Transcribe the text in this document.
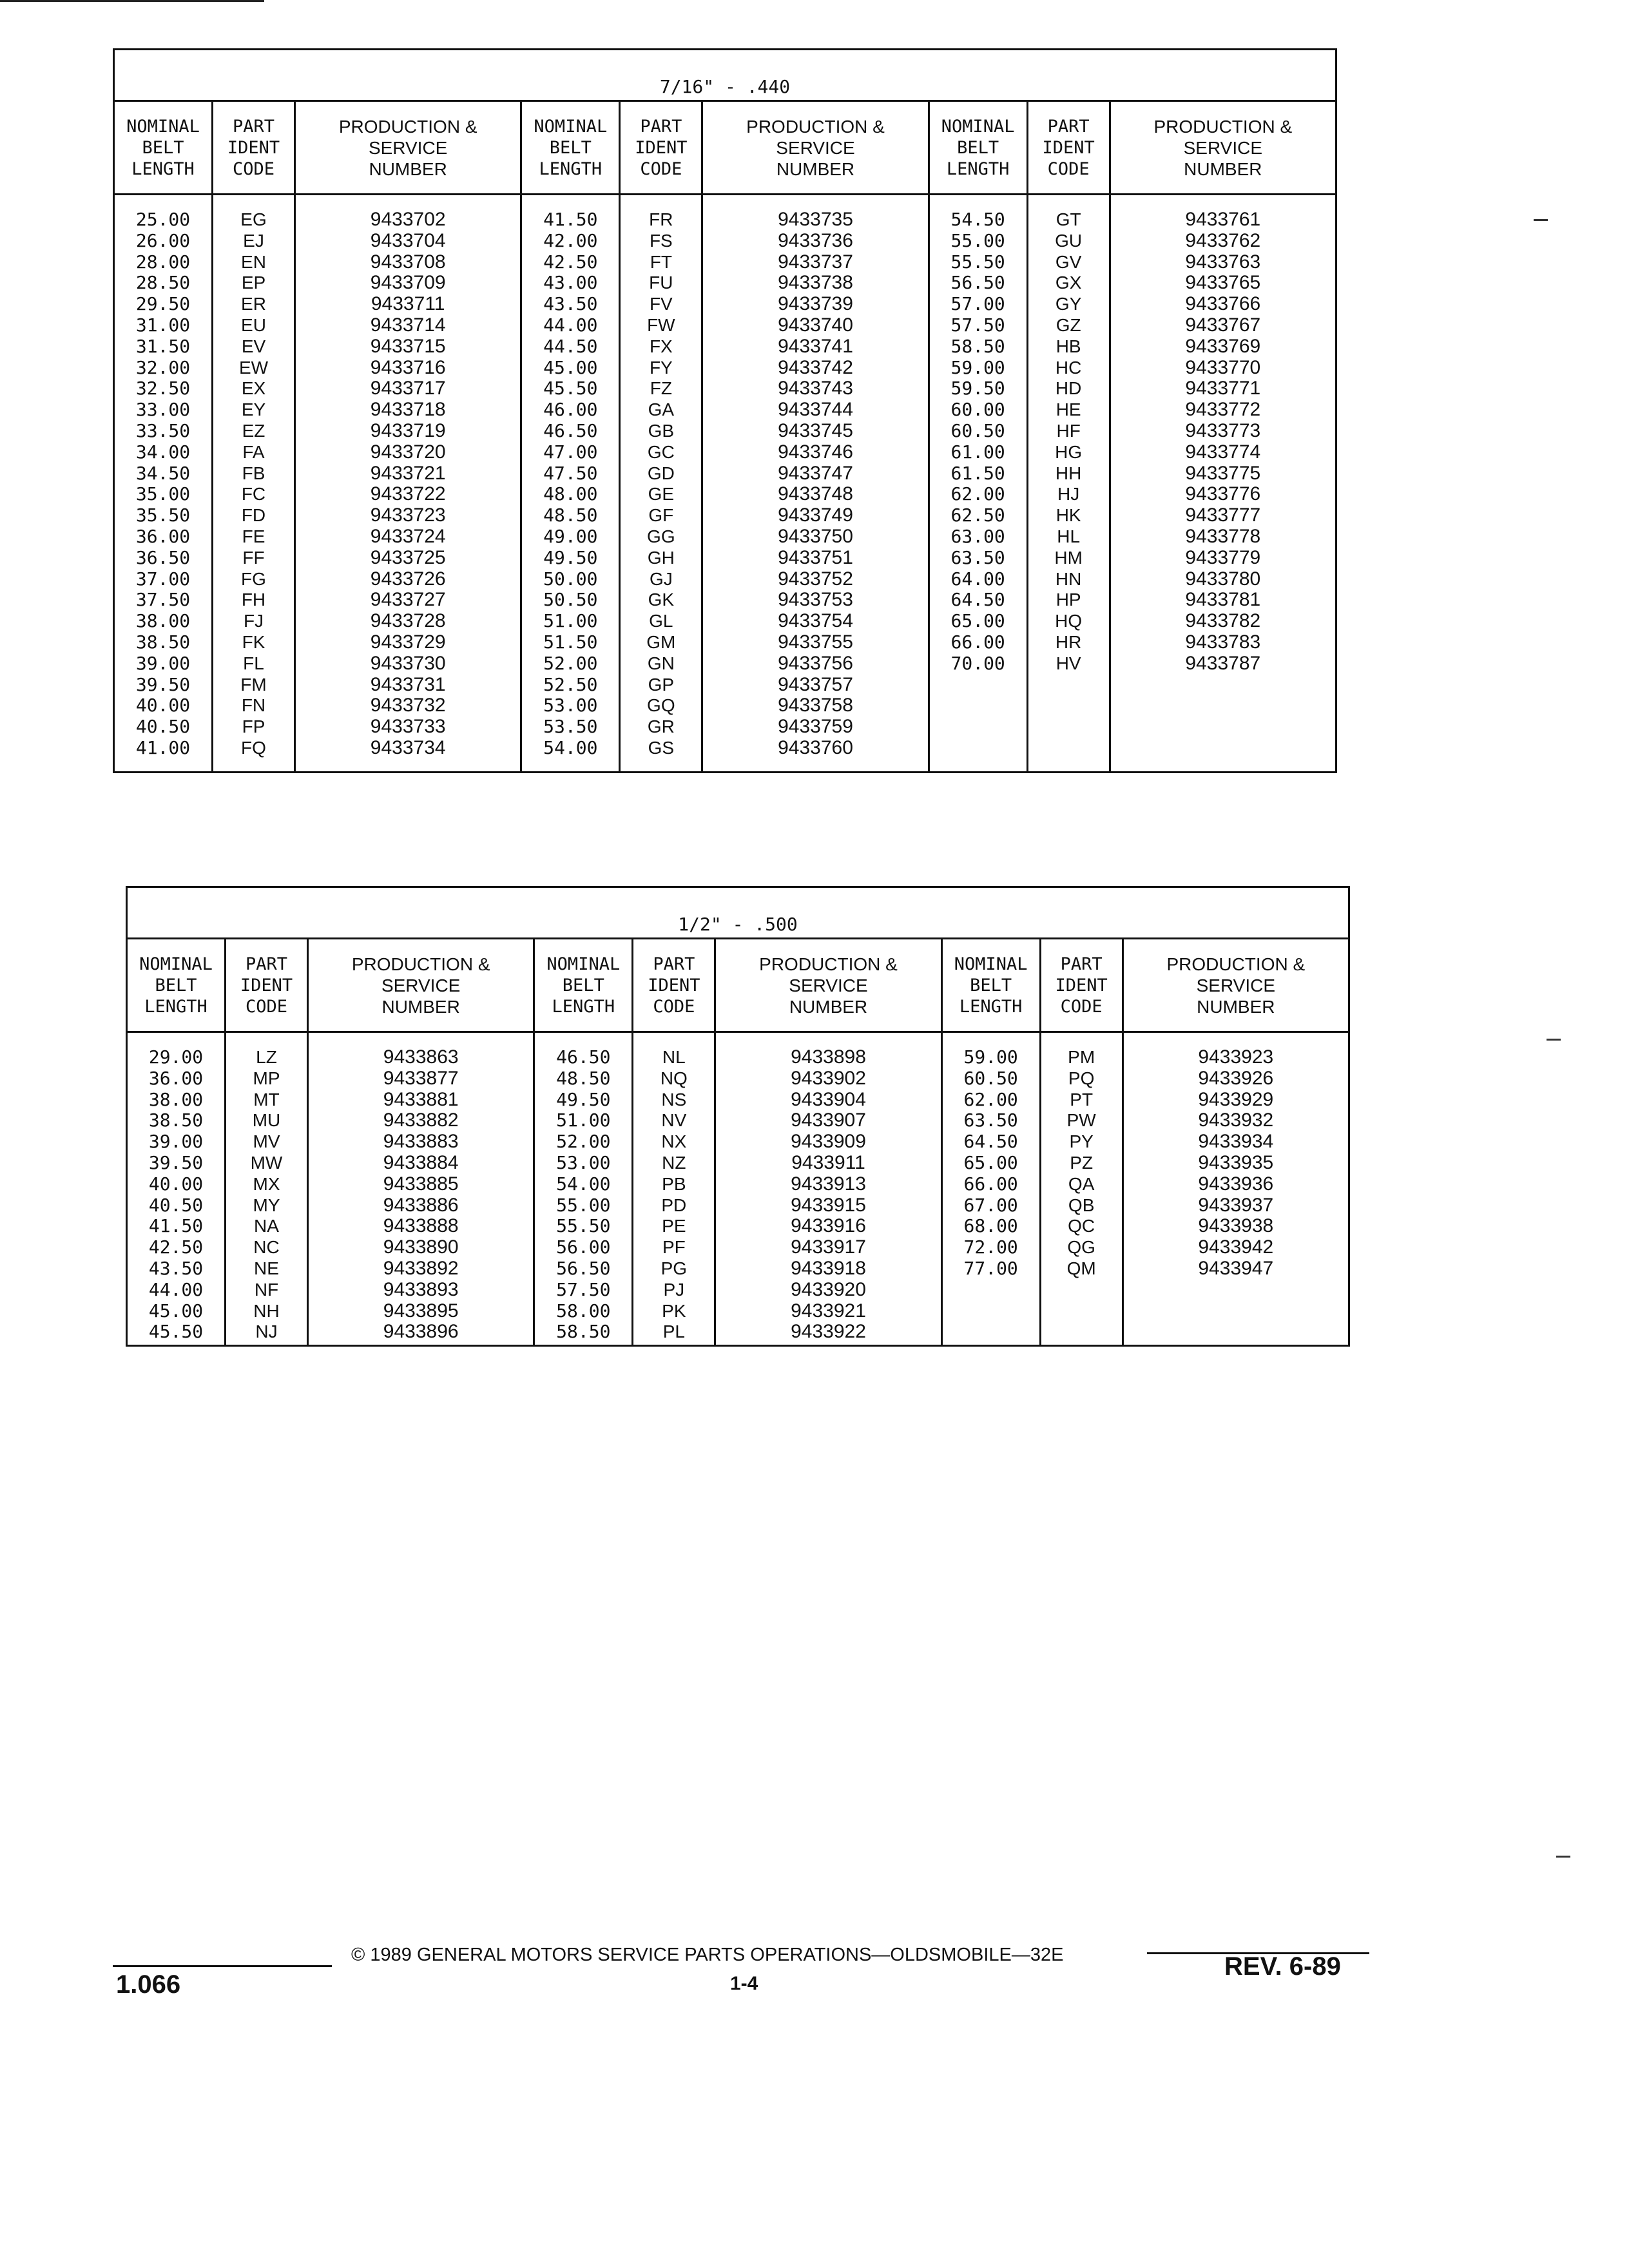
7/16" - .440
NOMINAL
BELT
LENGTH
25.00
26.00
28.00
28.50
29.50
31.00
31.50
32.00
32.50
33.00
33.50
34.00
34.50
35.00
35.50
36.00
36.50
37.00
37.50
38.00
38.50
39.00
39.50
40.00
40.50
41.00
PART
IDENT
CODE
EG
EJ
EN
EP
ER
EU
EV
EW
EX
EY
EZ
FA
FB
FC
FD
FE
FF
FG
FH
FJ
FK
FL
FM
FN
FP
FQ
PRODUCTION &
SERVICE
NUMBER
9433702
9433704
9433708
9433709
9433711
9433714
9433715
9433716
9433717
9433718
9433719
9433720
9433721
9433722
9433723
9433724
9433725
9433726
9433727
9433728
9433729
9433730
9433731
9433732
9433733
9433734
NOMINAL
BELT
LENGTH
41.50
42.00
42.50
43.00
43.50
44.00
44.50
45.00
45.50
46.00
46.50
47.00
47.50
48.00
48.50
49.00
49.50
50.00
50.50
51.00
51.50
52.00
52.50
53.00
53.50
54.00
PART
IDENT
CODE
FR
FS
FT
FU
FV
FW
FX
FY
FZ
GA
GB
GC
GD
GE
GF
GG
GH
GJ
GK
GL
GM
GN
GP
GQ
GR
GS
PRODUCTION &
SERVICE
NUMBER
9433735
9433736
9433737
9433738
9433739
9433740
9433741
9433742
9433743
9433744
9433745
9433746
9433747
9433748
9433749
9433750
9433751
9433752
9433753
9433754
9433755
9433756
9433757
9433758
9433759
9433760
NOMINAL
BELT
LENGTH
54.50
55.00
55.50
56.50
57.00
57.50
58.50
59.00
59.50
60.00
60.50
61.00
61.50
62.00
62.50
63.00
63.50
64.00
64.50
65.00
66.00
70.00
PART
IDENT
CODE
GT
GU
GV
GX
GY
GZ
HB
HC
HD
HE
HF
HG
HH
HJ
HK
HL
HM
HN
HP
HQ
HR
HV
PRODUCTION &
SERVICE
NUMBER
9433761
9433762
9433763
9433765
9433766
9433767
9433769
9433770
9433771
9433772
9433773
9433774
9433775
9433776
9433777
9433778
9433779
9433780
9433781
9433782
9433783
9433787
1/2" - .500
NOMINAL
BELT
LENGTH
29.00
36.00
38.00
38.50
39.00
39.50
40.00
40.50
41.50
42.50
43.50
44.00
45.00
45.50
PART
IDENT
CODE
LZ
MP
MT
MU
MV
MW
MX
MY
NA
NC
NE
NF
NH
NJ
PRODUCTION &
SERVICE
NUMBER
9433863
9433877
9433881
9433882
9433883
9433884
9433885
9433886
9433888
9433890
9433892
9433893
9433895
9433896
NOMINAL
BELT
LENGTH
46.50
48.50
49.50
51.00
52.00
53.00
54.00
55.00
55.50
56.00
56.50
57.50
58.00
58.50
PART
IDENT
CODE
NL
NQ
NS
NV
NX
NZ
PB
PD
PE
PF
PG
PJ
PK
PL
PRODUCTION &
SERVICE
NUMBER
9433898
9433902
9433904
9433907
9433909
9433911
9433913
9433915
9433916
9433917
9433918
9433920
9433921
9433922
NOMINAL
BELT
LENGTH
59.00
60.50
62.00
63.50
64.50
65.00
66.00
67.00
68.00
72.00
77.00
PART
IDENT
CODE
PM
PQ
PT
PW
PY
PZ
QA
QB
QC
QG
QM
PRODUCTION &
SERVICE
NUMBER
9433923
9433926
9433929
9433932
9433934
9433935
9433936
9433937
9433938
9433942
9433947
© 1989 GENERAL MOTORS SERVICE PARTS OPERATIONS—OLDSMOBILE—32E
1.066	1-4
REV. 6-89
